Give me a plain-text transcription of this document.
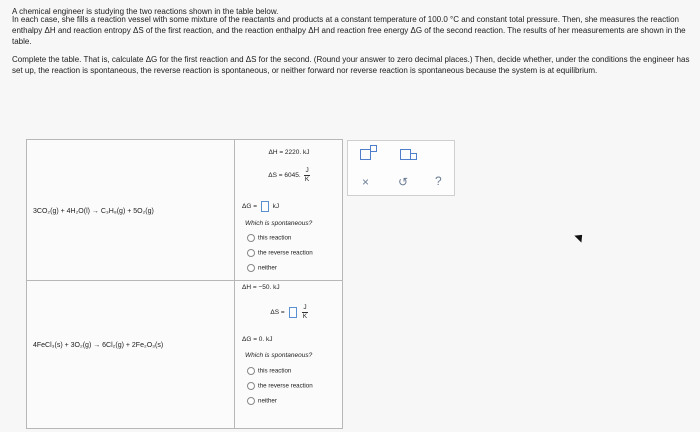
A chemical engineer is studying the two reactions shown in the table below.
In each case, she fills a reaction vessel with some mixture of the reactants and products at a constant temperature of 100.0 °C and constant total pressure. Then, she measures the reaction enthalpy ΔH and reaction entropy ΔS of the first reaction, and the reaction enthalpy ΔH and reaction free energy ΔG of the second reaction. The results of her measurements are shown in the table.
Complete the table. That is, calculate ΔG for the first reaction and ΔS for the second. (Round your answer to zero decimal places.) Then, decide whether, under the conditions the engineer has set up, the reaction is spontaneous, the reverse reaction is spontaneous, or neither forward nor reverse reaction is spontaneous because the system is at equilibrium.
3CO₂(g) + 4H₂O(l) → C₃H₈(g) + 5O₂(g)
ΔH = 2220. kJ
ΔS = 6045. $\frac{J}{K}$
ΔG = kJ
Which is spontaneous?
this reaction
the reverse reaction
neither
4FeCl₃(s) + 3O₂(g) → 6Cl₂(g) + 2Fe₂O₃(s)
ΔH = −50. kJ
ΔS =	$\frac{J}{K}$
ΔG = 0. kJ
Which is spontaneous?
this reaction
the reverse reaction
neither
× ↺ ?
